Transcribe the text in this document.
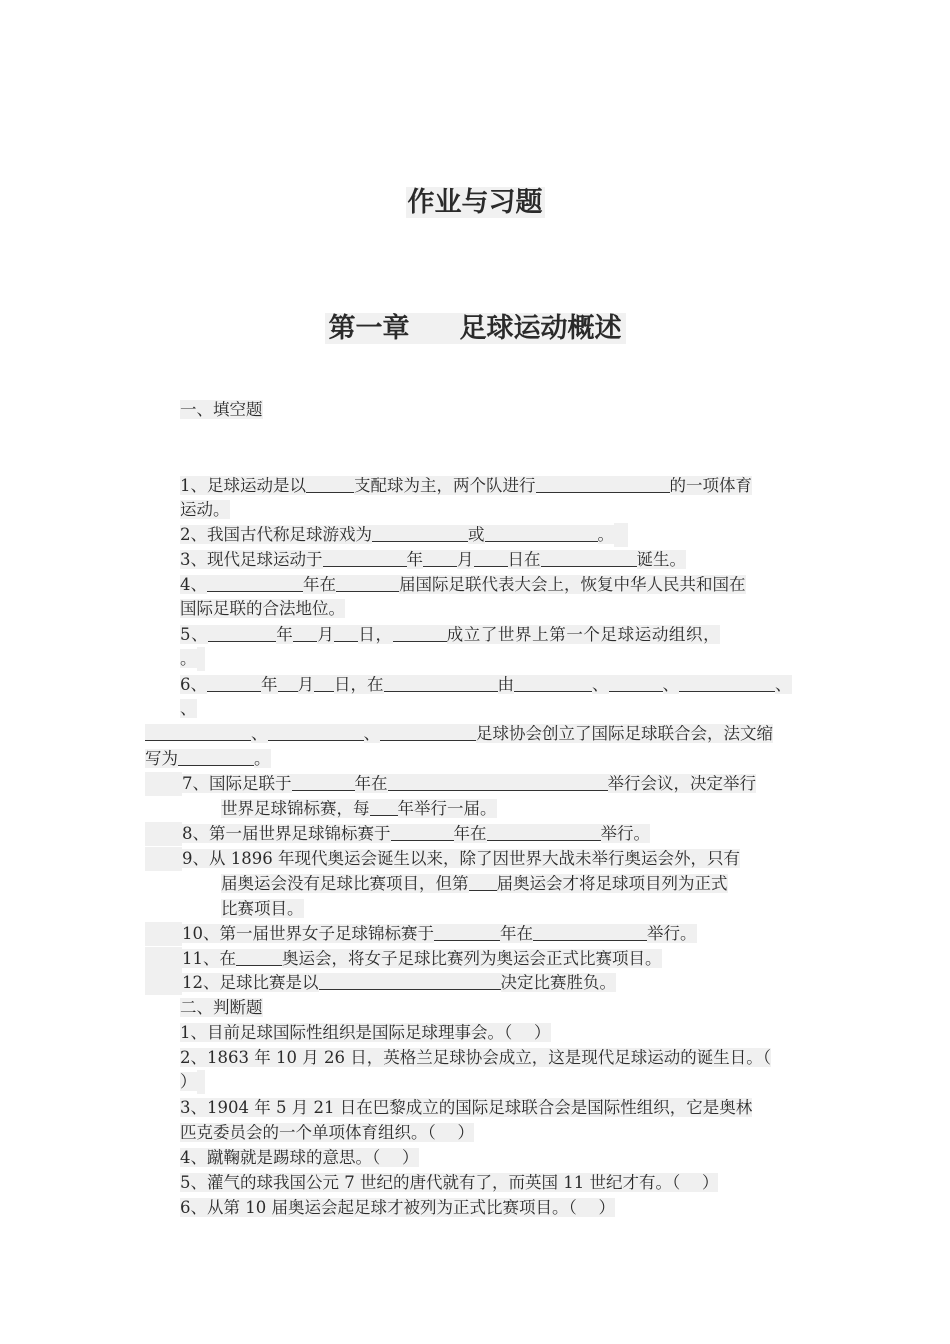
作业与习题
第一章 足球运动概述
一、填空题
1、足球运动是以	支配球为主，两个队进行	的一项体育
运动。
2、我国古代称足球游戏为	或	。
3、现代足球运动于	年 月 日在	诞生。
4、	年在	届国际足联代表大会上，恢复中华人民共和国在
国际足联的合法地位。
5、	年 月 日，	成立了世界上第一个足球运动组织，
。
6、	年 月 日，在	由	、	、	、
、
、	、	足球协会创立了国际足球联合会，法文缩
写为	。
7、国际足联于	年在	举行会议，决定举行
世界足球锦标赛，每 年举行一届。
8、第一届世界足球锦标赛于	年在	举行。
9、从 1896 年现代奥运会诞生以来，除了因世界大战未举行奥运会外，只有
届奥运会没有足球比赛项目，但第 届奥运会才将足球项目列为正式
比赛项目。
10、第一届世界女子足球锦标赛于	年在	举行。
11、在	奥运会，将女子足球比赛列为奥运会正式比赛项目。
12、足球比赛是以	决定比赛胜负。
二、判断题
1、目前足球国际性组织是国际足球理事会。（　 ）
2、1863 年 10 月 26 日，英格兰足球协会成立，这是现代足球运动的诞生日。（
）
3、1904 年 5 月 21 日在巴黎成立的国际足球联合会是国际性组织，它是奥林
匹克委员会的一个单项体育组织。（　 ）
4、蹴鞠就是踢球的意思。（　 ）
5、灌气的球我国公元 7 世纪的唐代就有了，而英国 11 世纪才有。（　 ）
6、从第 10 届奥运会起足球才被列为正式比赛项目。（　 ）
